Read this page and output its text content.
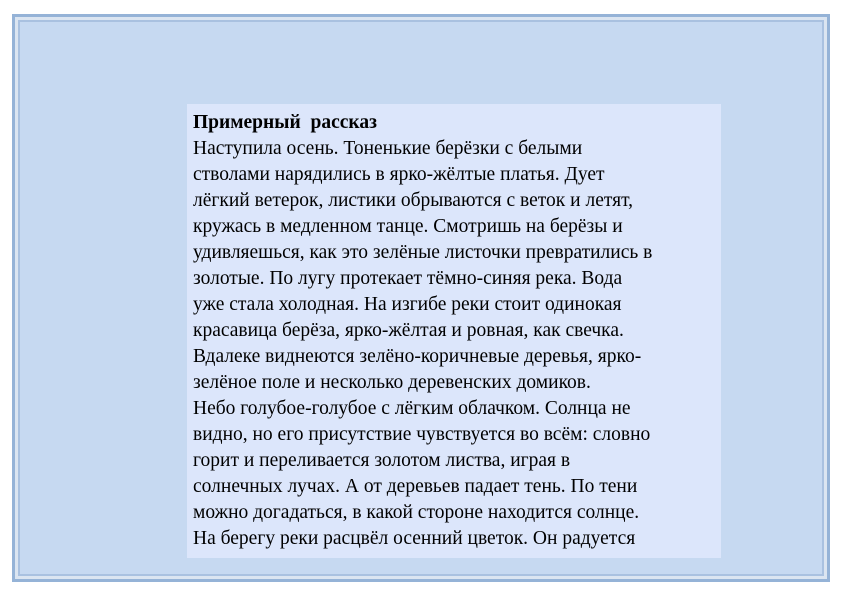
Примерный  рассказ
Наступила осень. Тоненькие берёзки с белыми
стволами нарядились в ярко-жёлтые платья. Дует
лёгкий ветерок, листики обрываются с веток и летят,
кружась в медленном танце. Смотришь на берёзы и
удивляешься, как это зелёные листочки превратились в
золотые. По лугу протекает тёмно-синяя река. Вода
уже стала холодная. На изгибе реки стоит одинокая
красавица берёза, ярко-жёлтая и ровная, как свечка.
Вдалеке виднеются зелёно-коричневые деревья, ярко-
зелёное поле и несколько деревенских домиков.
Небо голубое-голубое с лёгким облачком. Солнца не
видно, но его присутствие чувствуется во всём: словно
горит и переливается золотом листва, играя в
солнечных лучах. А от деревьев падает тень. По тени
можно догадаться, в какой стороне находится солнце.
На берегу реки расцвёл осенний цветок. Он радуется
